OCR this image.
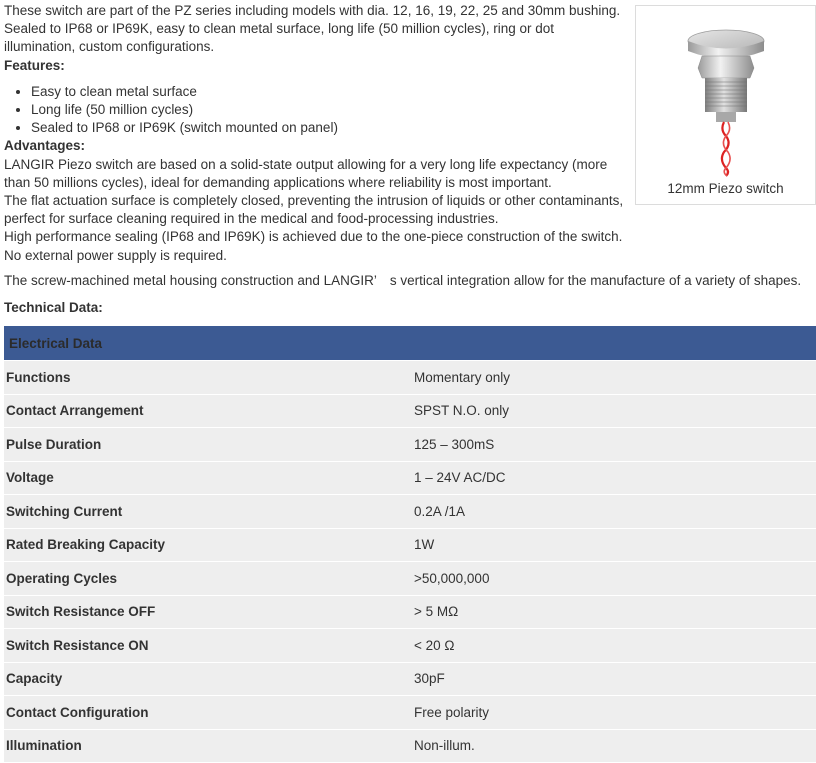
These switch are part of the PZ series including models with dia. 12, 16, 19, 22, 25 and 30mm bushing. Sealed to IP68 or IP69K, easy to clean metal surface, long life (50 million cycles), ring or dot illumination, custom configurations.

Features:

• Easy to clean metal surface
• Long life (50 million cycles)
• Sealed to IP68 or IP69K (switch mounted on panel)

Advantages:

LANGIR Piezo switch are based on a solid-state output allowing for a very long life expectancy (more than 50 millions cycles), ideal for demanding applications where reliability is most important.

The flat actuation surface is completely closed, preventing the intrusion of liquids or other contaminants, perfect for surface cleaning required in the medical and food-processing industries.

High performance sealing (IP68 and IP69K) is achieved due to the one-piece construction of the switch.

No external power supply is required.

The screw-machined metal housing construction and LANGIR’　s vertical integration allow for the manufacture of a variety of shapes.

12mm Piezo switch
Technical Data:
Electrical Data	
Functions	Momentary only
Contact Arrangement	SPST N.O. only
Pulse Duration	125 – 300mS
Voltage	1 – 24V AC/DC
Switching Current	0.2A /1A
Rated Breaking Capacity	1W
Operating Cycles	>50,000,000
Switch Resistance OFF	> 5 MΩ
Switch Resistance ON	< 20 Ω
Capacity	30pF
Contact Configuration	Free polarity
Illumination	Non-illum.
